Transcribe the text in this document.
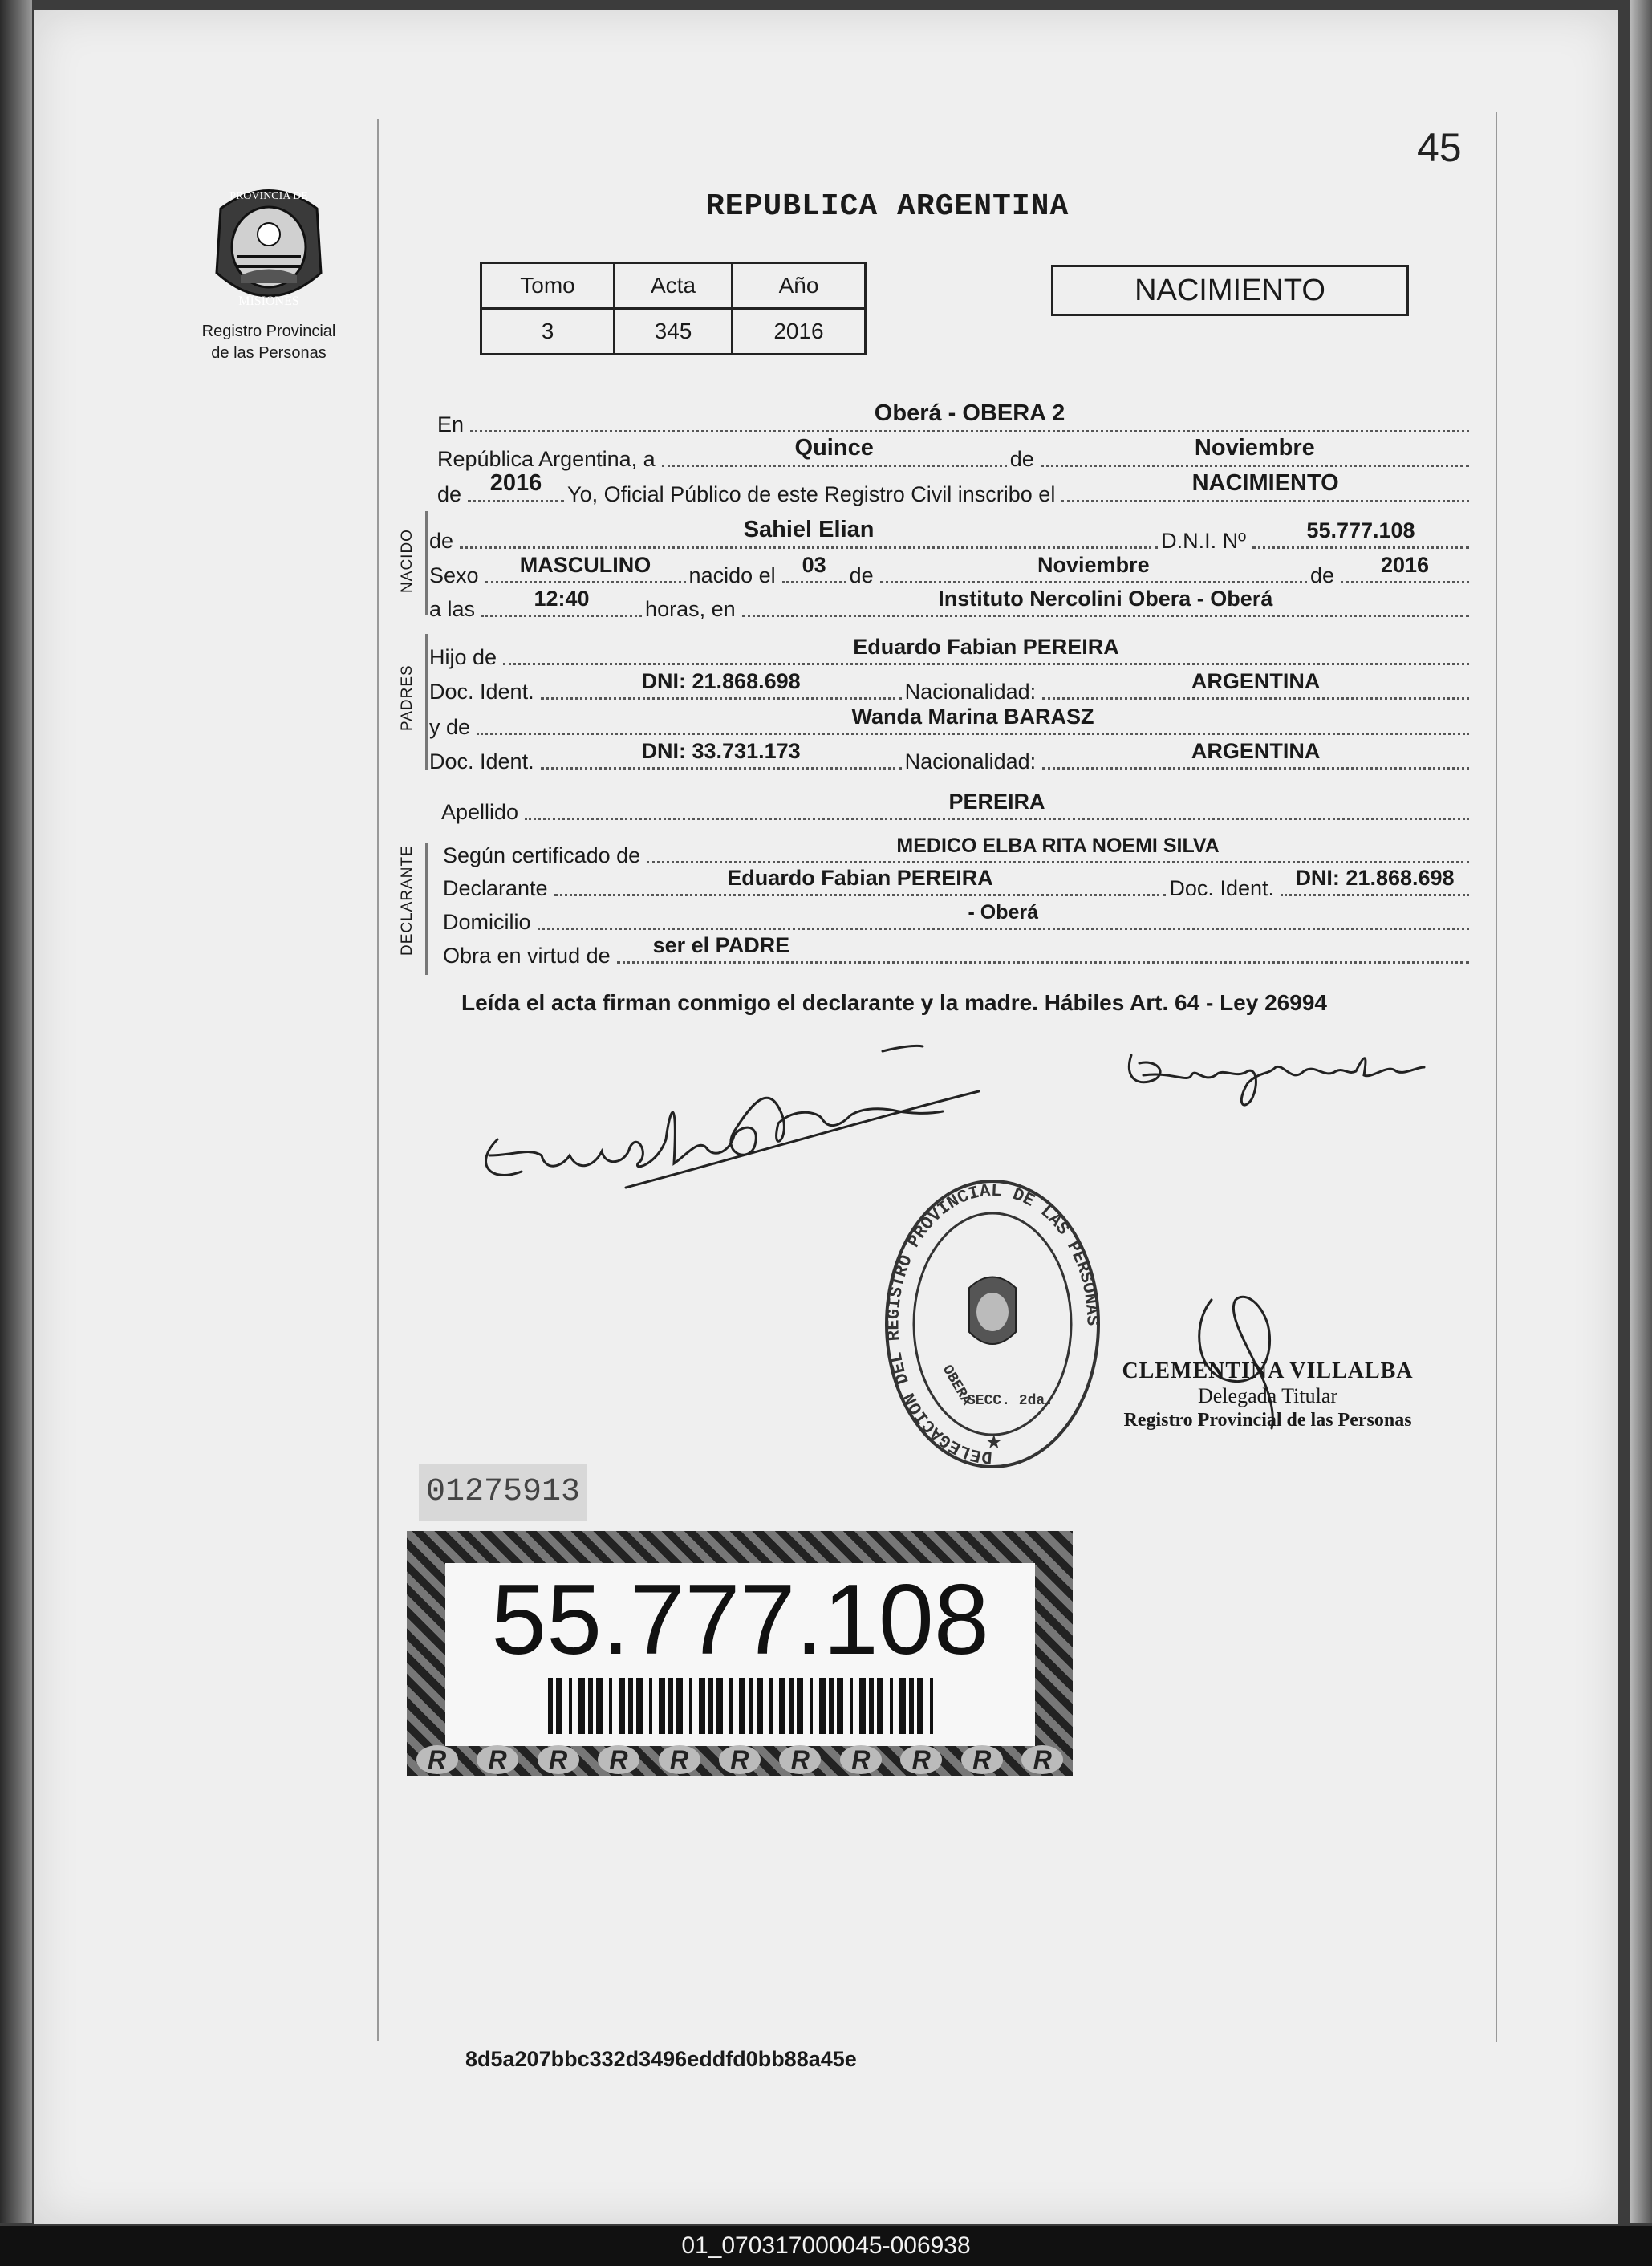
45
PROVINCIA DE
MISIONES
Registro Provincial
de las Personas
REPUBLICA ARGENTINA
Tomo	Acta	Año
3	345	2016
NACIMIENTO
En	Oberá - OBERA 2
República Argentina, a	Quince	de	Noviembre
de	2016	Yo, Oficial Público de este Registro Civil inscribo el	NACIMIENTO
NACIDO de	Sahiel Elian	D.N.I. Nº	55.777.108
Sexo	MASCULINO	nacido el	03	de	Noviembre	de	2016
a las	12:40	horas, en	Instituto Nercolini Obera - Oberá
PADRES
Hijo de	Eduardo Fabian PEREIRA
Doc. Ident.	DNI: 21.868.698	Nacionalidad:	ARGENTINA
y de	Wanda Marina BARASZ
Doc. Ident.	DNI: 33.731.173	Nacionalidad:	ARGENTINA
Apellido	PEREIRA
DECLARANTE Según certificado de	MEDICO ELBA RITA NOEMI SILVA
Declarante	Eduardo Fabian PEREIRA	Doc. Ident. DNI: 21.868.698
Domicilio	- Oberá
Obra en virtud de	ser el PADRE
Leída el acta firman conmigo el declarante y la madre. Hábiles Art. 64 - Ley 26994
DELEGACION DEL REGISTRO PROVINCIAL DE LAS PERSONAS
OBERA
SECC. 2da.
★
CLEMENTINA VILLALBA
Delegada Titular
Registro Provincial de las Personas
01275913
55.777.108
R	R	R	R	R	R	R	R	R	R	R
8d5a207bbc332d3496eddfd0bb88a45e
01_070317000045-006938
